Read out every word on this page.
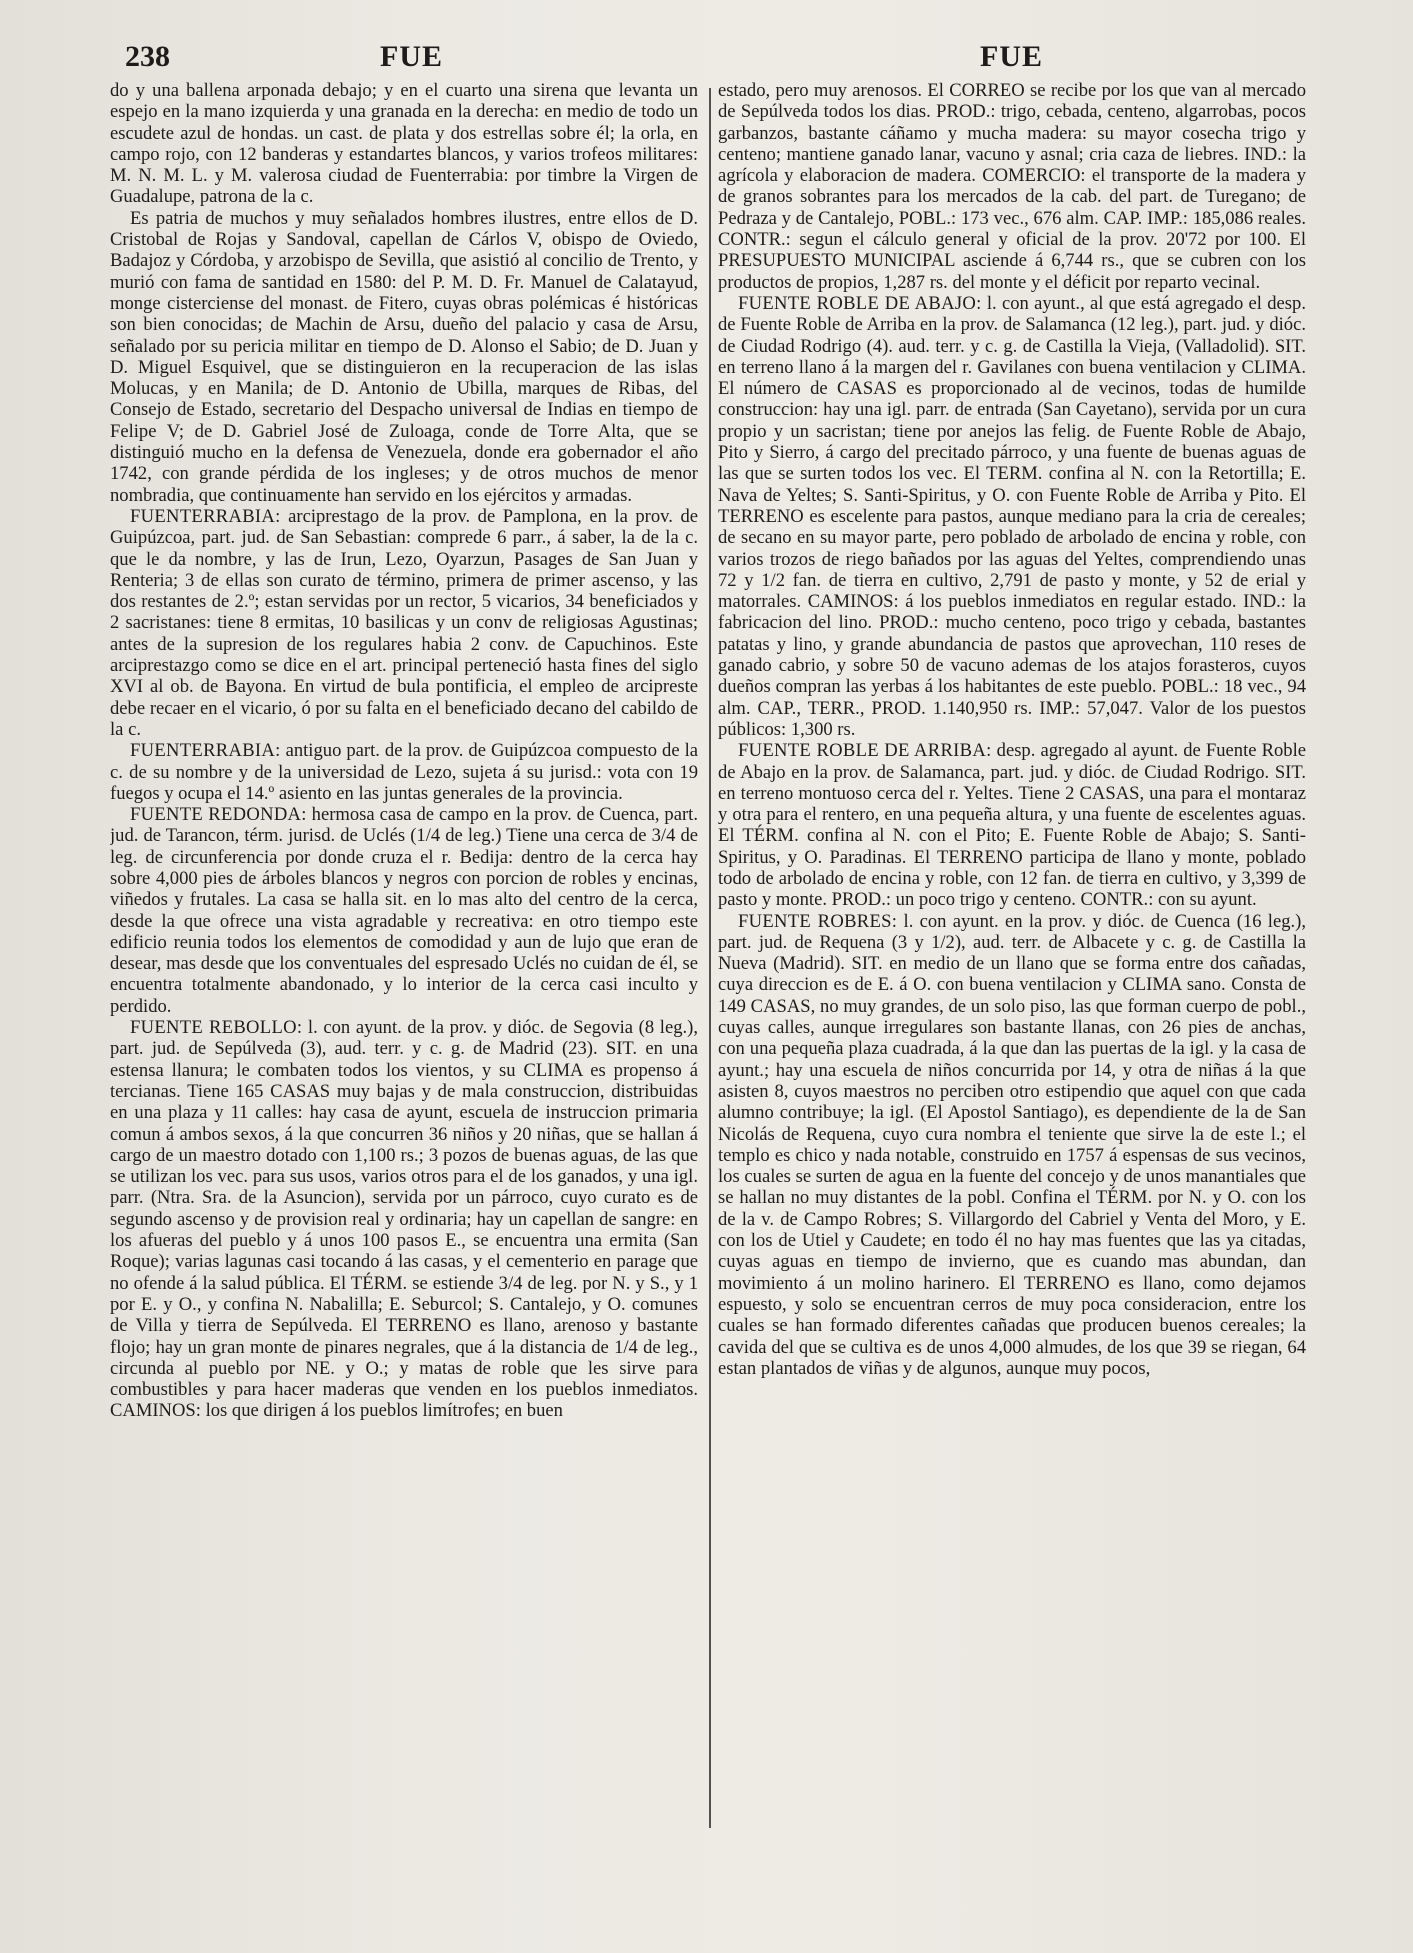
238	FUE	FUE

do y una ballena arponada debajo; y en el cuarto una sirena que levanta un espejo en la mano izquierda y una granada en la derecha: en medio de todo un escudete azul de hondas. un cast. de plata y dos estrellas sobre él; la orla, en campo rojo, con 12 banderas y estandartes blancos, y varios trofeos militares: M. N. M. L. y M. valerosa ciudad de Fuenterrabia: por timbre la Virgen de Guadalupe, patrona de la c.

Es patria de muchos y muy señalados hombres ilustres, entre ellos de D. Cristobal de Rojas y Sandoval, capellan de Cárlos V, obispo de Oviedo, Badajoz y Córdoba, y arzobispo de Sevilla, que asistió al concilio de Trento, y murió con fama de santidad en 1580: del P. M. D. Fr. Manuel de Calatayud, monge cisterciense del monast. de Fitero, cuyas obras polémicas é históricas son bien conocidas; de Machin de Arsu, dueño del palacio y casa de Arsu, señalado por su pericia militar en tiempo de D. Alonso el Sabio; de D. Juan y D. Miguel Esquivel, que se distinguieron en la recuperacion de las islas Molucas, y en Manila; de D. Antonio de Ubilla, marques de Ribas, del Consejo de Estado, secretario del Despacho universal de Indias en tiempo de Felipe V; de D. Gabriel José de Zuloaga, conde de Torre Alta, que se distinguió mucho en la defensa de Venezuela, donde era gobernador el año 1742, con grande pérdida de los ingleses; y de otros muchos de menor nombradia, que continuamente han servido en los ejércitos y armadas.

FUENTERRABIA: arciprestago de la prov. de Pamplona, en la prov. de Guipúzcoa, part. jud. de San Sebastian: comprede 6 parr., á saber, la de la c. que le da nombre, y las de Irun, Lezo, Oyarzun, Pasages de San Juan y Renteria; 3 de ellas son curato de término, primera de primer ascenso, y las dos restantes de 2.º; estan servidas por un rector, 5 vicarios, 34 beneficiados y 2 sacristanes: tiene 8 ermitas, 10 basilicas y un conv de religiosas Agustinas; antes de la supresion de los regulares habia 2 conv. de Capuchinos. Este arciprestazgo como se dice en el art. principal perteneció hasta fines del siglo XVI al ob. de Bayona. En virtud de bula pontificia, el empleo de arcipreste debe recaer en el vicario, ó por su falta en el beneficiado decano del cabildo de la c.

FUENTERRABIA: antiguo part. de la prov. de Guipúzcoa compuesto de la c. de su nombre y de la universidad de Lezo, sujeta á su jurisd.: vota con 19 fuegos y ocupa el 14.º asiento en las juntas generales de la provincia.

FUENTE REDONDA: hermosa casa de campo en la prov. de Cuenca, part. jud. de Tarancon, térm. jurisd. de Uclés (1/4 de leg.) Tiene una cerca de 3/4 de leg. de circunferencia por donde cruza el r. Bedija: dentro de la cerca hay sobre 4,000 pies de árboles blancos y negros con porcion de robles y encinas, viñedos y frutales. La casa se halla sit. en lo mas alto del centro de la cerca, desde la que ofrece una vista agradable y recreativa: en otro tiempo este edificio reunia todos los elementos de comodidad y aun de lujo que eran de desear, mas desde que los conventuales del espresado Uclés no cuidan de él, se encuentra totalmente abandonado, y lo interior de la cerca casi inculto y perdido.

FUENTE REBOLLO: l. con ayunt. de la prov. y dióc. de Segovia (8 leg.), part. jud. de Sepúlveda (3), aud. terr. y c. g. de Madrid (23). SIT. en una estensa llanura; le combaten todos los vientos, y su CLIMA es propenso á tercianas. Tiene 165 CASAS muy bajas y de mala construccion, distribuidas en una plaza y 11 calles: hay casa de ayunt, escuela de instruccion primaria comun á ambos sexos, á la que concurren 36 niños y 20 niñas, que se hallan á cargo de un maestro dotado con 1,100 rs.; 3 pozos de buenas aguas, de las que se utilizan los vec. para sus usos, varios otros para el de los ganados, y una igl. parr. (Ntra. Sra. de la Asuncion), servida por un párroco, cuyo curato es de segundo ascenso y de provision real y ordinaria; hay un capellan de sangre: en los afueras del pueblo y á unos 100 pasos E., se encuentra una ermita (San Roque); varias lagunas casi tocando á las casas, y el cementerio en parage que no ofende á la salud pública. El TÉRM. se estiende 3/4 de leg. por N. y S., y 1 por E. y O., y confina N. Nabalilla; E. Seburcol; S. Cantalejo, y O. comunes de Villa y tierra de Sepúlveda. El TERRENO es llano, arenoso y bastante flojo; hay un gran monte de pinares negrales, que á la distancia de 1/4 de leg., circunda al pueblo por NE. y O.; y matas de roble que les sirve para combustibles y para hacer maderas que venden en los pueblos inmediatos. CAMINOS: los que dirigen á los pueblos limítrofes; en buen

estado, pero muy arenosos. El CORREO se recibe por los que van al mercado de Sepúlveda todos los dias. PROD.: trigo, cebada, centeno, algarrobas, pocos garbanzos, bastante cáñamo y mucha madera: su mayor cosecha trigo y centeno; mantiene ganado lanar, vacuno y asnal; cria caza de liebres. IND.: la agrícola y elaboracion de madera. COMERCIO: el transporte de la madera y de granos sobrantes para los mercados de la cab. del part. de Turegano; de Pedraza y de Cantalejo, POBL.: 173 vec., 676 alm. CAP. IMP.: 185,086 reales. CONTR.: segun el cálculo general y oficial de la prov. 20'72 por 100. El PRESUPUESTO MUNICIPAL asciende á 6,744 rs., que se cubren con los productos de propios, 1,287 rs. del monte y el déficit por reparto vecinal.

FUENTE ROBLE DE ABAJO: l. con ayunt., al que está agregado el desp. de Fuente Roble de Arriba en la prov. de Salamanca (12 leg.), part. jud. y dióc. de Ciudad Rodrigo (4). aud. terr. y c. g. de Castilla la Vieja, (Valladolid). SIT. en terreno llano á la margen del r. Gavilanes con buena ventilacion y CLIMA. El número de CASAS es proporcionado al de vecinos, todas de humilde construccion: hay una igl. parr. de entrada (San Cayetano), servida por un cura propio y un sacristan; tiene por anejos las felig. de Fuente Roble de Abajo, Pito y Sierro, á cargo del precitado párroco, y una fuente de buenas aguas de las que se surten todos los vec. El TERM. confina al N. con la Retortilla; E. Nava de Yeltes; S. Santi-Spiritus, y O. con Fuente Roble de Arriba y Pito. El TERRENO es escelente para pastos, aunque mediano para la cria de cereales; de secano en su mayor parte, pero poblado de arbolado de encina y roble, con varios trozos de riego bañados por las aguas del Yeltes, comprendiendo unas 72 y 1/2 fan. de tierra en cultivo, 2,791 de pasto y monte, y 52 de erial y matorrales. CAMINOS: á los pueblos inmediatos en regular estado. IND.: la fabricacion del lino. PROD.: mucho centeno, poco trigo y cebada, bastantes patatas y lino, y grande abundancia de pastos que aprovechan, 110 reses de ganado cabrio, y sobre 50 de vacuno ademas de los atajos forasteros, cuyos dueños compran las yerbas á los habitantes de este pueblo. POBL.: 18 vec., 94 alm. CAP., TERR., PROD. 1.140,950 rs. IMP.: 57,047. Valor de los puestos públicos: 1,300 rs.

FUENTE ROBLE DE ARRIBA: desp. agregado al ayunt. de Fuente Roble de Abajo en la prov. de Salamanca, part. jud. y dióc. de Ciudad Rodrigo. SIT. en terreno montuoso cerca del r. Yeltes. Tiene 2 CASAS, una para el montaraz y otra para el rentero, en una pequeña altura, y una fuente de escelentes aguas. El TÉRM. confina al N. con el Pito; E. Fuente Roble de Abajo; S. Santi-Spiritus, y O. Paradinas. El TERRENO participa de llano y monte, poblado todo de arbolado de encina y roble, con 12 fan. de tierra en cultivo, y 3,399 de pasto y monte. PROD.: un poco trigo y centeno. CONTR.: con su ayunt.

FUENTE ROBRES: l. con ayunt. en la prov. y dióc. de Cuenca (16 leg.), part. jud. de Requena (3 y 1/2), aud. terr. de Albacete y c. g. de Castilla la Nueva (Madrid). SIT. en medio de un llano que se forma entre dos cañadas, cuya direccion es de E. á O. con buena ventilacion y CLIMA sano. Consta de 149 CASAS, no muy grandes, de un solo piso, las que forman cuerpo de pobl., cuyas calles, aunque irregulares son bastante llanas, con 26 pies de anchas, con una pequeña plaza cuadrada, á la que dan las puertas de la igl. y la casa de ayunt.; hay una escuela de niños concurrida por 14, y otra de niñas á la que asisten 8, cuyos maestros no perciben otro estipendio que aquel con que cada alumno contribuye; la igl. (El Apostol Santiago), es dependiente de la de San Nicolás de Requena, cuyo cura nombra el teniente que sirve la de este l.; el templo es chico y nada notable, construido en 1757 á espensas de sus vecinos, los cuales se surten de agua en la fuente del concejo y de unos manantiales que se hallan no muy distantes de la pobl. Confina el TÉRM. por N. y O. con los de la v. de Campo Robres; S. Villargordo del Cabriel y Venta del Moro, y E. con los de Utiel y Caudete; en todo él no hay mas fuentes que las ya citadas, cuyas aguas en tiempo de invierno, que es cuando mas abundan, dan movimiento á un molino harinero. El TERRENO es llano, como dejamos espuesto, y solo se encuentran cerros de muy poca consideracion, entre los cuales se han formado diferentes cañadas que producen buenos cereales; la cavida del que se cultiva es de unos 4,000 almudes, de los que 39 se riegan, 64 estan plantados de viñas y de algunos, aunque muy pocos,
